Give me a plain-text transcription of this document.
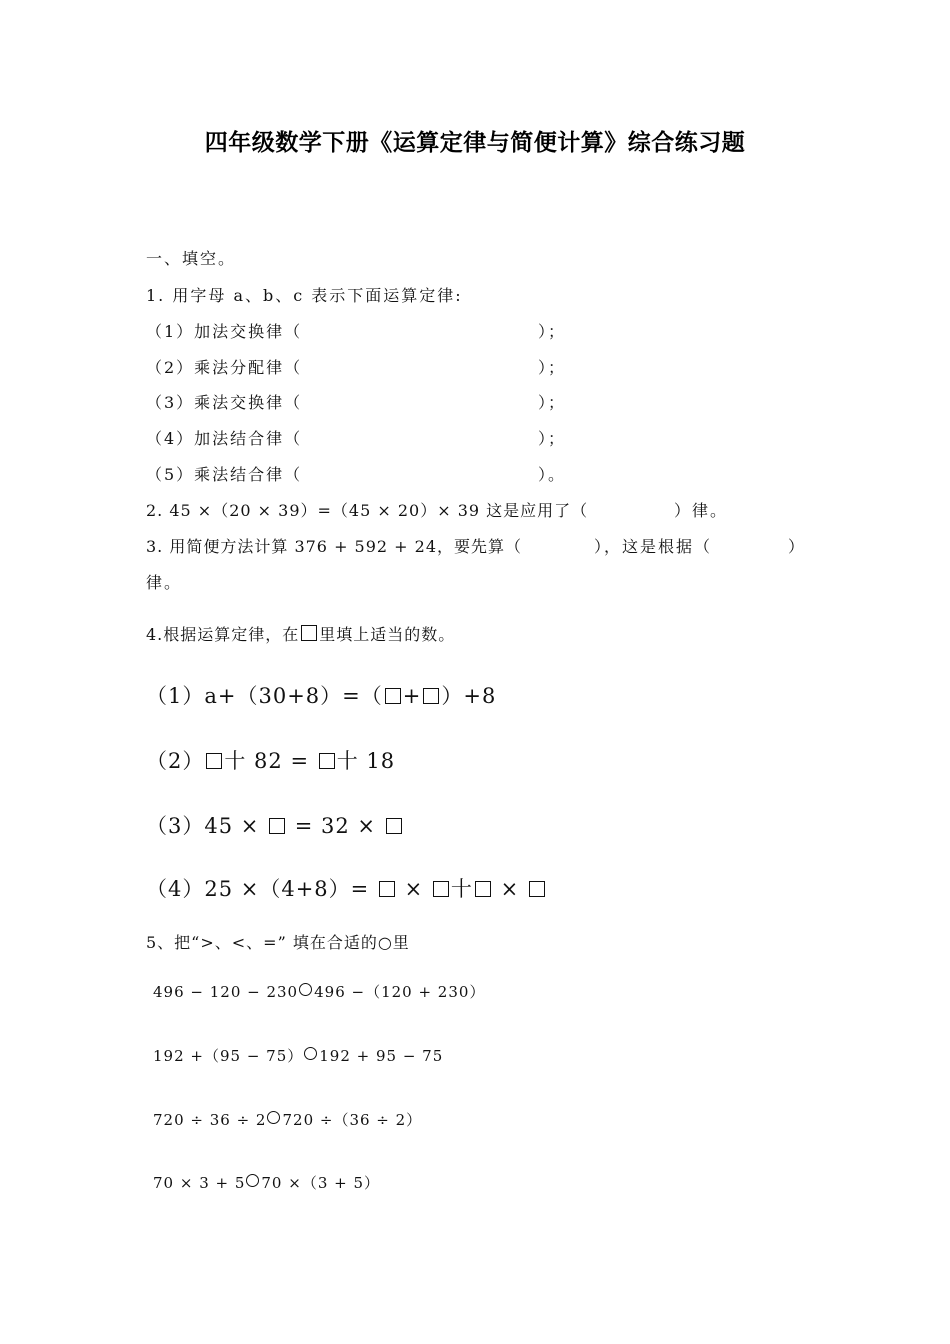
四年级数学下册《运算定律与简便计算》综合练习题
一、填空。
1. 用字母 a、b、c 表示下面运算定律:
（1）加法交换律（	）；
（2）乘法分配律（	）；
（3）乘法交换律（	）；
（4）加法结合律（	）；
（5）乘法结合律（	）。
2. 45 ×（20 × 39）=（45 × 20）× 39 这是应用了（	）律。
3. 用简便方法计算 376 + 592 + 24，要先算（	），这是根据（	）
律。
4.根据运算定律，在 里填上适当的数。
（1）a+（30+8）=（ + ）+8
（2） 十 82 = 十 18
（3）45 ×  = 32 ×
（4）25 ×（4+8）=  × 十 ×
5、把“>、<、=” 填在合适的○里
496 − 120 − 230 496 −（120 + 230）
192 +（95 − 75） 192 + 95 − 75
720 ÷ 36 ÷ 2 720 ÷（36 ÷ 2）
70 × 3 + 5 70 ×（3 + 5）
